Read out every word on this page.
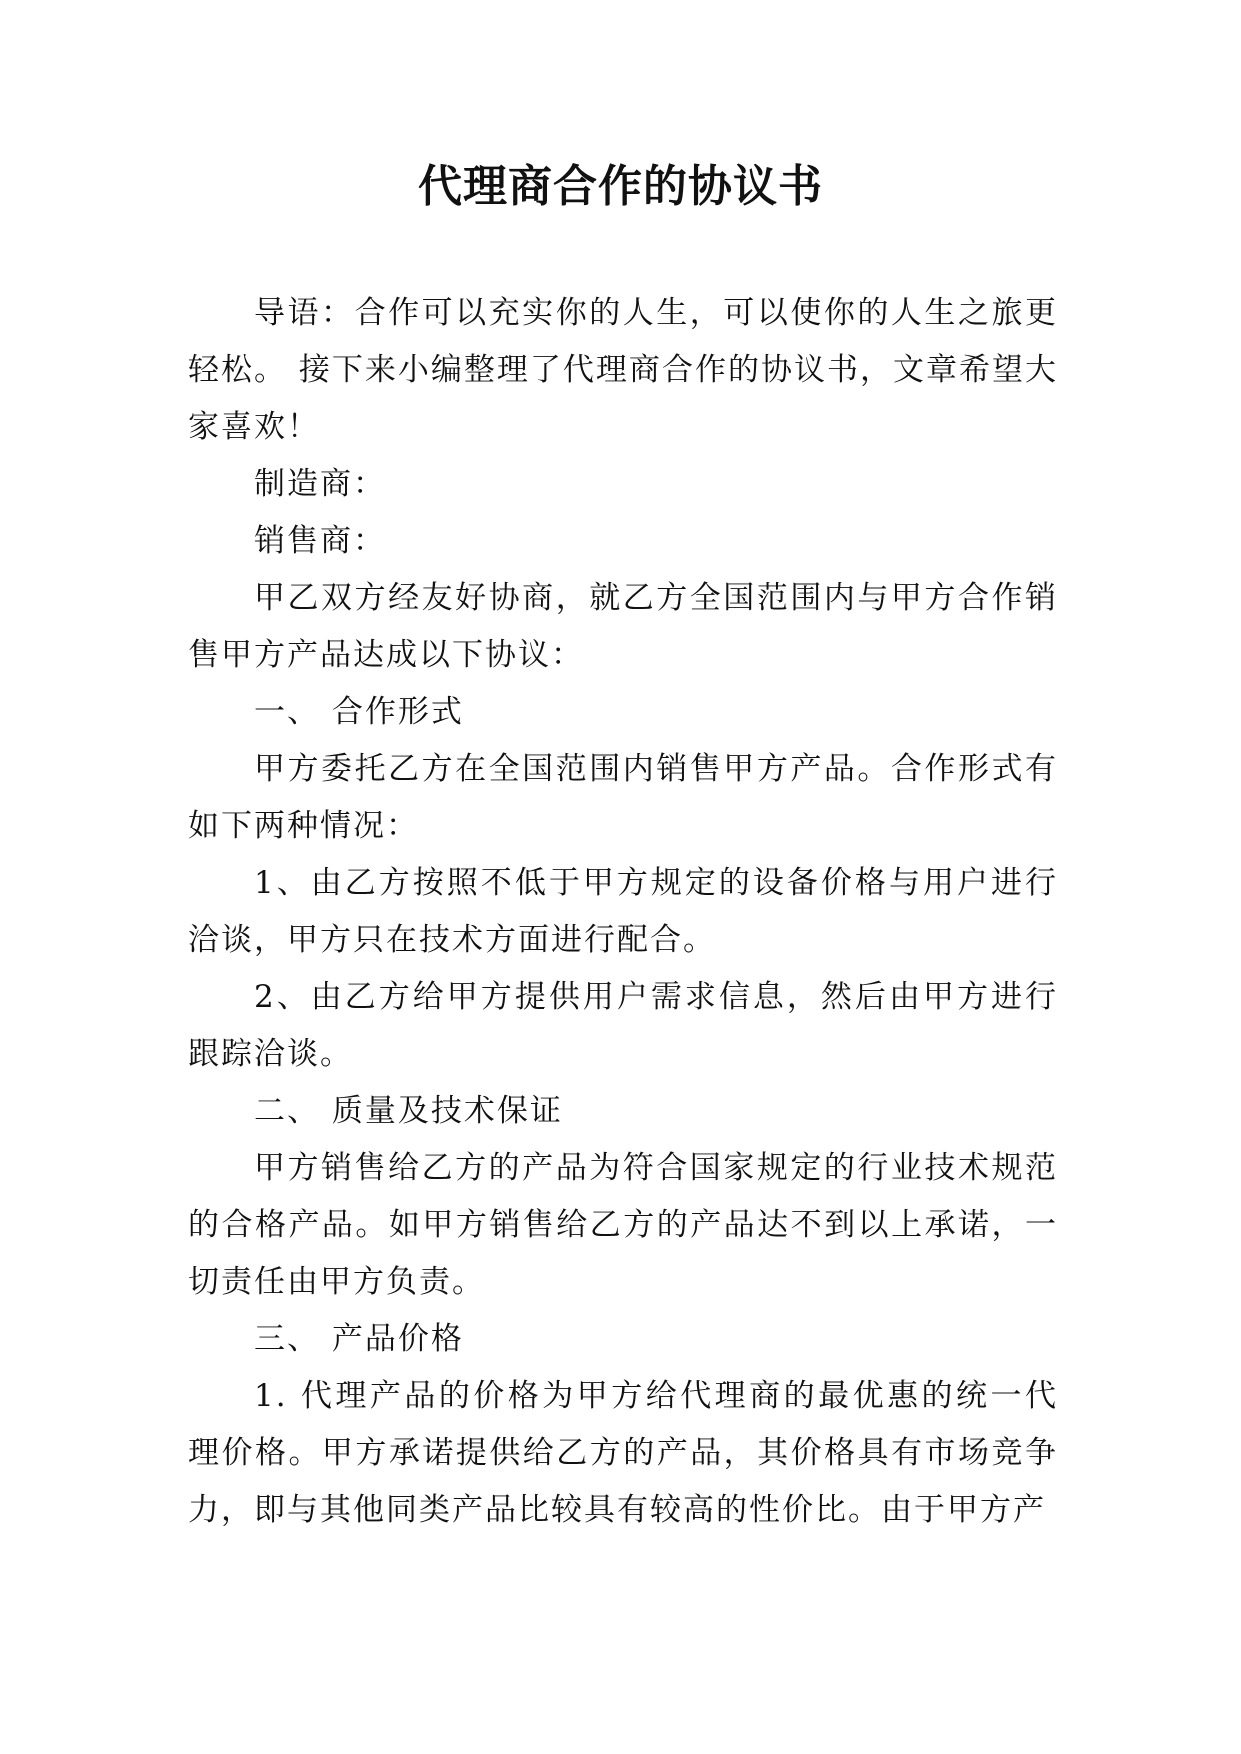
代理商合作的协议书

导语：合作可以充实你的人生，可以使你的人生之旅更轻松。 接下来小编整理了代理商合作的协议书，文章希望大家喜欢！

制造商：

销售商：

甲乙双方经友好协商，就乙方全国范围内与甲方合作销售甲方产品达成以下协议：

一、 合作形式

甲方委托乙方在全国范围内销售甲方产品。合作形式有如下两种情况：

1、由乙方按照不低于甲方规定的设备价格与用户进行洽谈，甲方只在技术方面进行配合。

2、由乙方给甲方提供用户需求信息，然后由甲方进行跟踪洽谈。

二、 质量及技术保证

甲方销售给乙方的产品为符合国家规定的行业技术规范的合格产品。如甲方销售给乙方的产品达不到以上承诺，一切责任由甲方负责。

三、 产品价格

1. 代理产品的价格为甲方给代理商的最优惠的统一代理价格。甲方承诺提供给乙方的产品，其价格具有市场竞争力，即与其他同类产品比较具有较高的性价比。由于甲方产
